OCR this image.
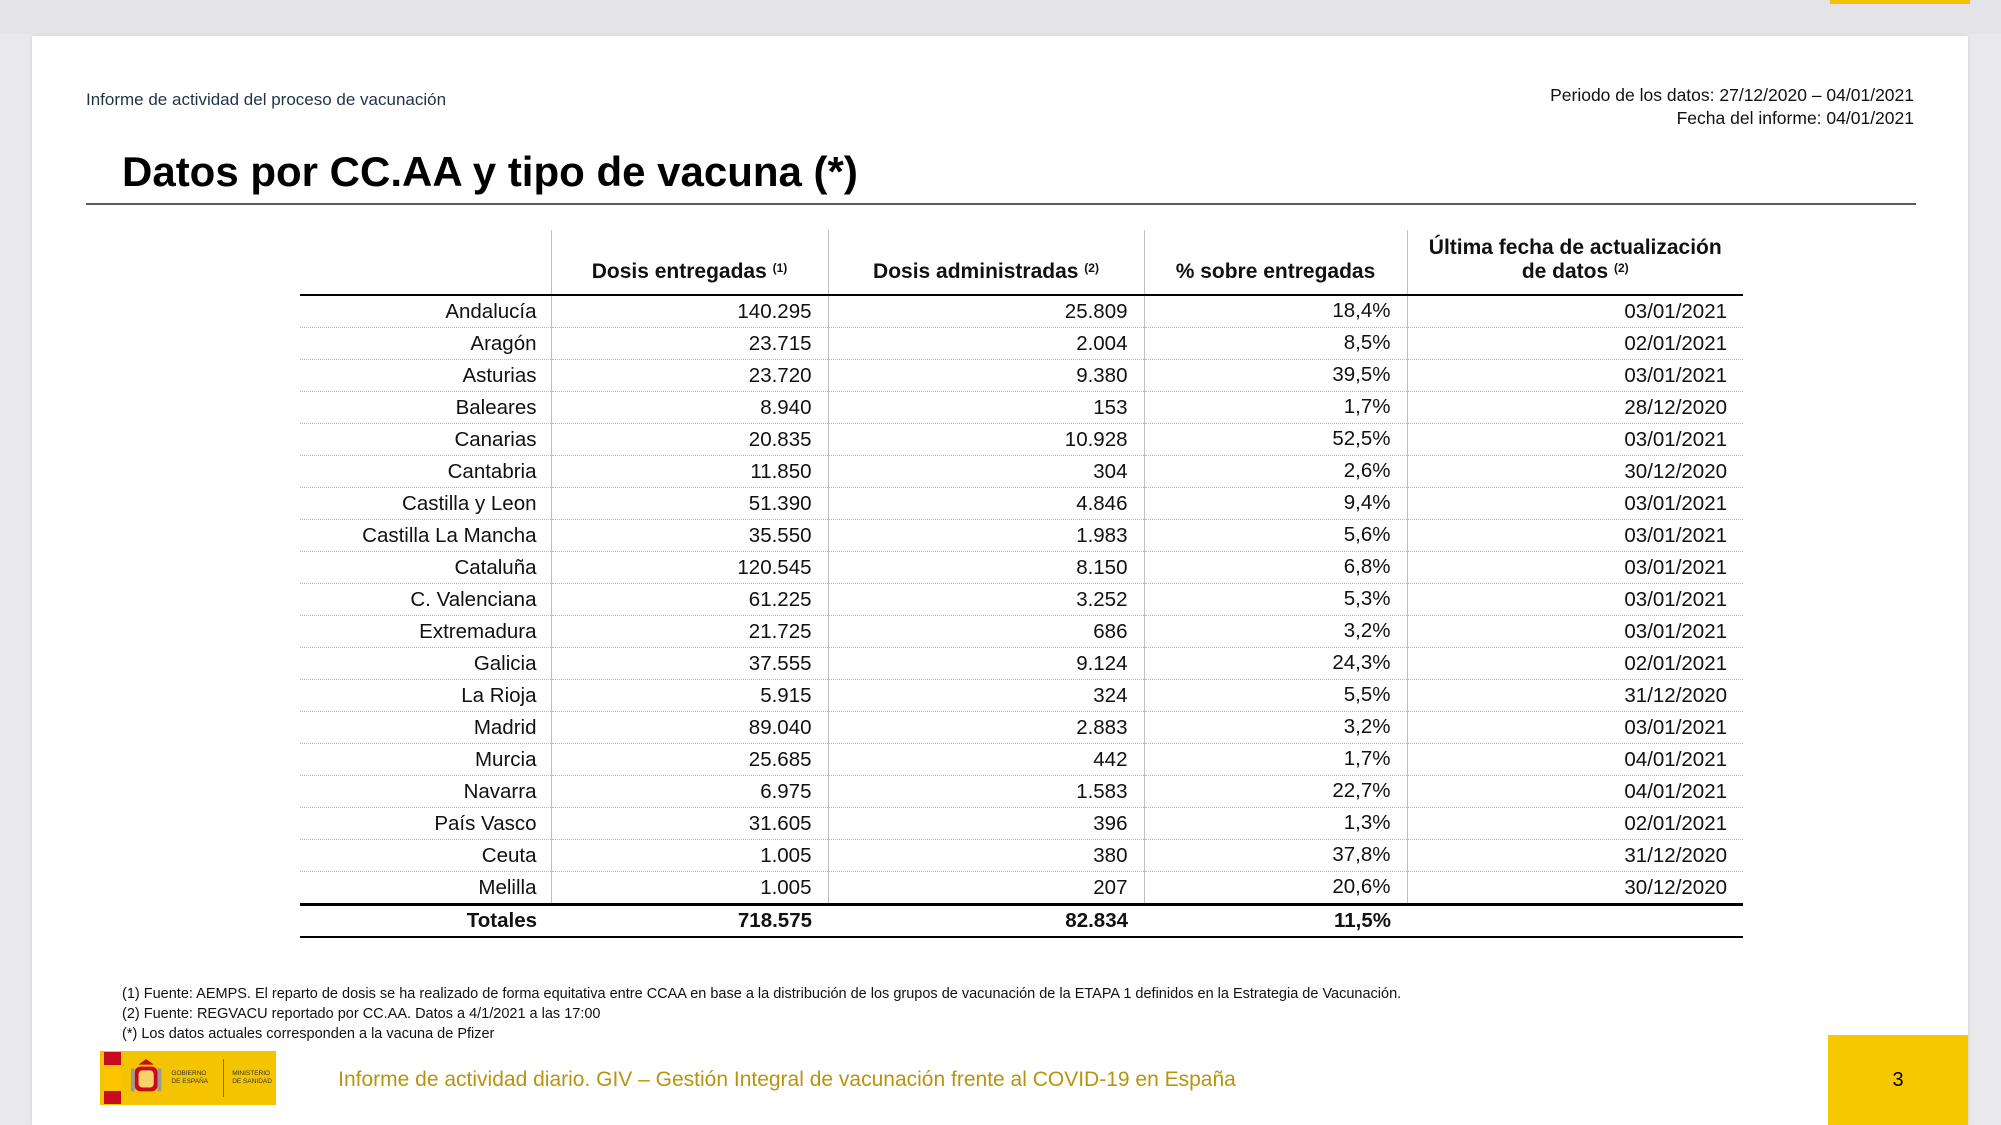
Informe de actividad del proceso de vacunación	Periodo de los datos: 27/12/2020 – 04/01/2021
Fecha del informe: 04/01/2021
Datos por CC.AA y tipo de vacuna (*)
	Dosis entregadas $^{(1)}$	Dosis administradas $^{(2)}$	% sobre entregadas	Última fecha de actualización de datos $^{(2)}$
Andalucía	140.295	25.809	18,4%	03/01/2021
Aragón	23.715	2.004	8,5%	02/01/2021
Asturias	23.720	9.380	39,5%	03/01/2021
Baleares	8.940	153	1,7%	28/12/2020
Canarias	20.835	10.928	52,5%	03/01/2021
Cantabria	11.850	304	2,6%	30/12/2020
Castilla y Leon	51.390	4.846	9,4%	03/01/2021
Castilla La Mancha	35.550	1.983	5,6%	03/01/2021
Cataluña	120.545	8.150	6,8%	03/01/2021
C. Valenciana	61.225	3.252	5,3%	03/01/2021
Extremadura	21.725	686	3,2%	03/01/2021
Galicia	37.555	9.124	24,3%	02/01/2021
La Rioja	5.915	324	5,5%	31/12/2020
Madrid	89.040	2.883	3,2%	03/01/2021
Murcia	25.685	442	1,7%	04/01/2021
Navarra	6.975	1.583	22,7%	04/01/2021
País Vasco	31.605	396	1,3%	02/01/2021
Ceuta	1.005	380	37,8%	31/12/2020
Melilla	1.005	207	20,6%	30/12/2020
Totales	718.575	82.834	11,5%	
(1) Fuente: AEMPS. El reparto de dosis se ha realizado de forma equitativa entre CCAA en base a la distribución de los grupos de vacunación de la ETAPA 1 definidos en la Estrategia de Vacunación.
(2) Fuente: REGVACU reportado por CC.AA. Datos a 4/1/2021 a las 17:00
(*) Los datos actuales corresponden a la vacuna de Pfizer
GOBIERNO DE ESPAÑA
MINISTERIO DE SANIDAD	Informe de actividad diario. GIV – Gestión Integral de vacunación frente al COVID-19 en España	3
